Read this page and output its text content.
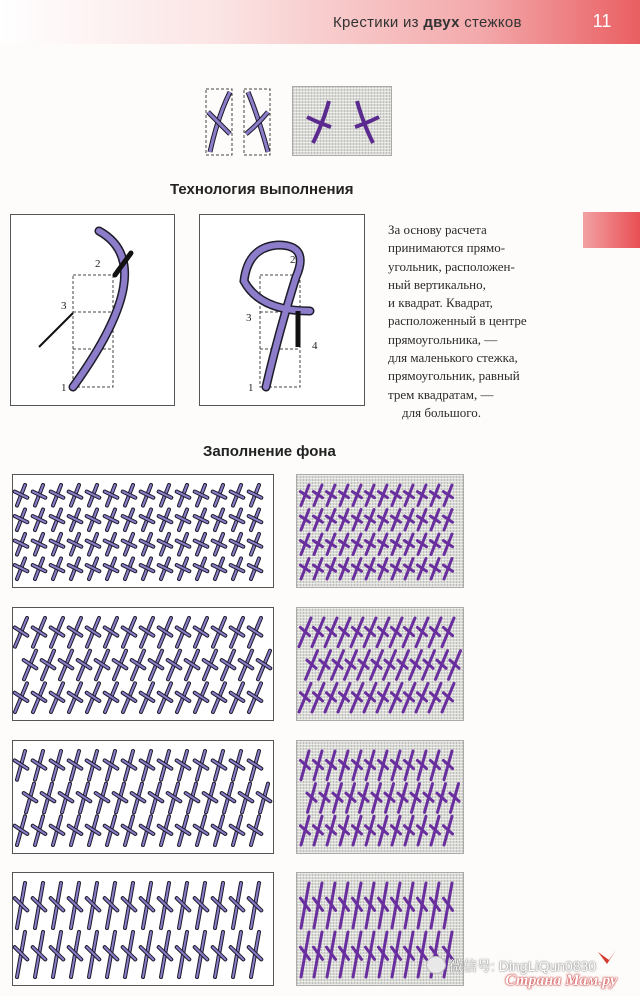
Крестики из двух стежков	11
Технология выполнения
2
3
1
2
3
4
1
За основу расчета
принимаются прямо-
угольник, расположен-
ный вертикально,
и квадрат. Квадрат,
расположенный в центре
прямоугольника, —
для маленького стежка,
прямоугольник, равный
трем квадратам, —
для большого.
Заполнение фона
微信号: DingLiQun0830
Страна Мам.ру
